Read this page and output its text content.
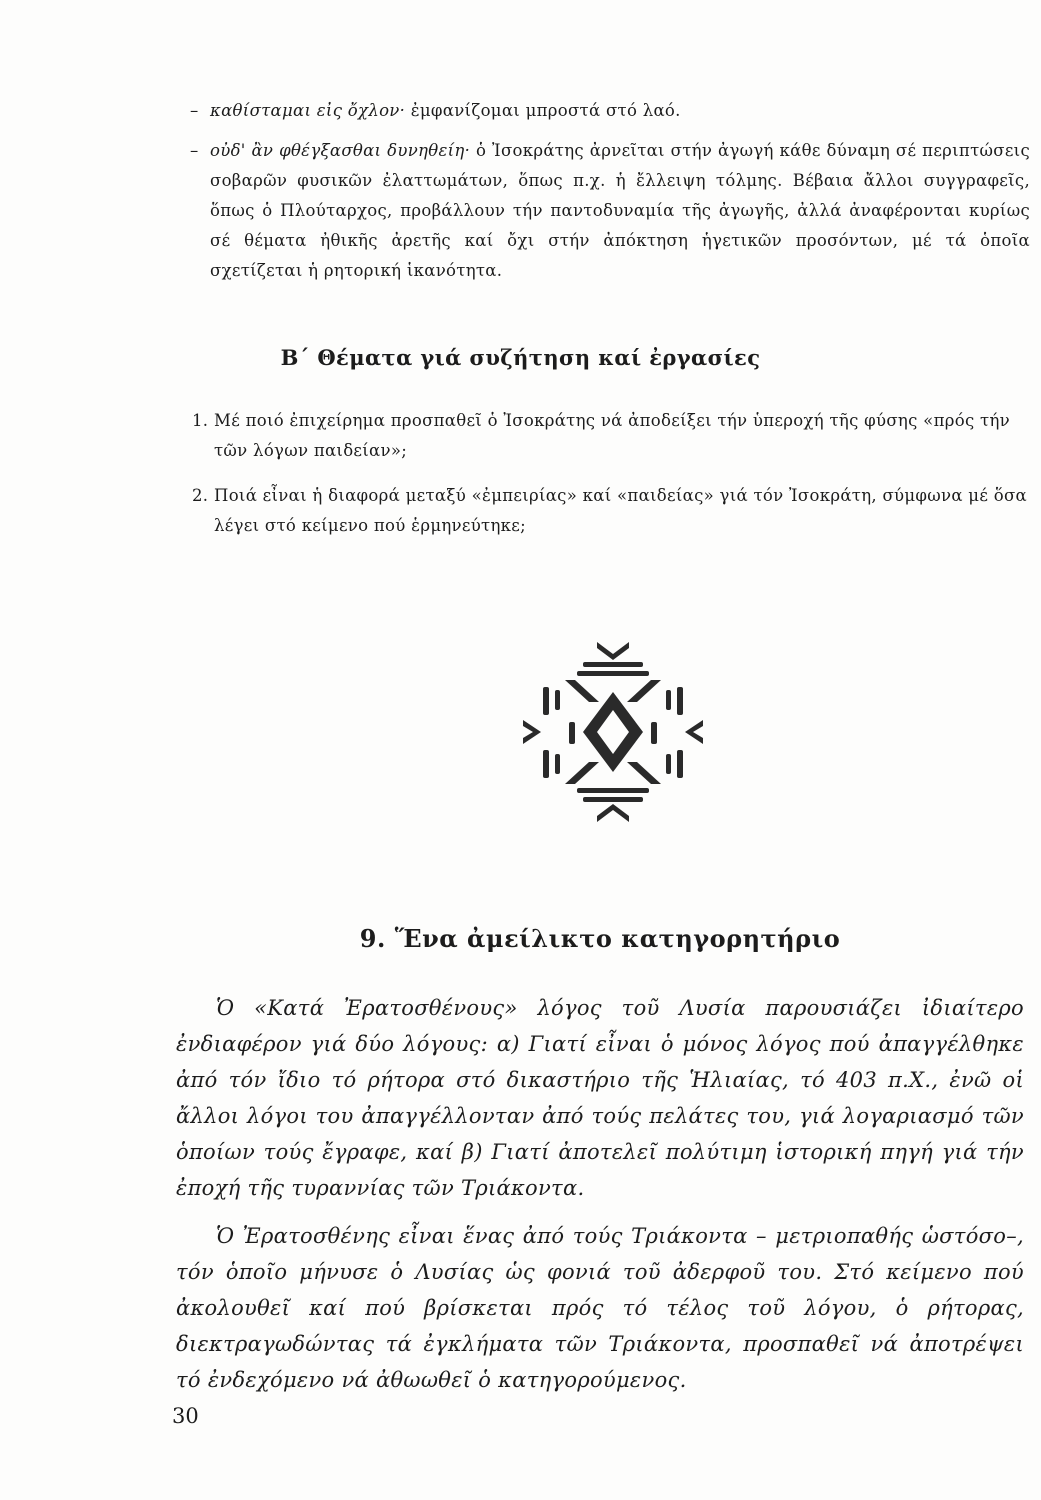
– καθίσταμαι εἰς ὄχλον· ἐμφανίζομαι μπροστά στό λαό.
– οὐδ' ἂν φθέγξασθαι δυνηθείη· ὁ Ἰσοκράτης ἀρνεῖται στήν ἀγωγή κάθε δύναμη σέ περιπτώσεις σοβαρῶν φυσικῶν ἐλαττωμάτων, ὅπως π.χ. ἡ ἔλλειψη τόλμης. Βέβαια ἄλλοι συγγραφεῖς, ὅπως ὁ Πλούταρχος, προβάλλουν τήν παντοδυναμία τῆς ἀγωγῆς, ἀλλά ἀναφέρονται κυρίως σέ θέματα ἠθικῆς ἀρετῆς καί ὄχι στήν ἀπόκτηση ἡγετικῶν προσόντων, μέ τά ὁποῖα σχετίζεται ἡ ρητορική ἱκανότητα.
Β΄ Θέματα γιά συζήτηση καί ἐργασίες
1. Μέ ποιό ἐπιχείρημα προσπαθεῖ ὁ Ἰσοκράτης νά ἀποδείξει τήν ὑπεροχή τῆς φύσης «πρός τήν τῶν λόγων παιδείαν»;
2. Ποιά εἶναι ἡ διαφορά μεταξύ «ἐμπειρίας» καί «παιδείας» γιά τόν Ἰσοκράτη, σύμφωνα μέ ὅσα λέγει στό κείμενο πού ἑρμηνεύτηκε;
9. Ἕνα ἀμείλικτο κατηγορητήριο

Ὁ «Κατά Ἐρατοσθένους» λόγος τοῦ Λυσία παρουσιάζει ἰδιαίτερο ἐνδιαφέρον γιά δύο λόγους: α) Γιατί εἶναι ὁ μόνος λόγος πού ἀπαγγέλθηκε ἀπό τόν ἴδιο τό ρήτορα στό δικαστήριο τῆς Ἡλιαίας, τό 403 π.Χ., ἐνῶ οἱ ἄλλοι λόγοι του ἀπαγγέλλονταν ἀπό τούς πελάτες του, γιά λογαριασμό τῶν ὁποίων τούς ἔγραφε, καί β) Γιατί ἀποτελεῖ πολύτιμη ἱστορική πηγή γιά τήν ἐποχή τῆς τυραννίας τῶν Τριάκοντα.

Ὁ Ἐρατοσθένης εἶναι ἕνας ἀπό τούς Τριάκοντα – μετριοπαθής ὡστόσο–, τόν ὁποῖο μήνυσε ὁ Λυσίας ὡς φονιά τοῦ ἀδερφοῦ του. Στό κείμενο πού ἀκολουθεῖ καί πού βρίσκεται πρός τό τέλος τοῦ λόγου, ὁ ρήτορας, διεκτραγωδώντας τά ἐγκλήματα τῶν Τριάκοντα, προσπαθεῖ νά ἀποτρέψει τό ἐνδεχόμενο νά ἀθωωθεῖ ὁ κατηγορούμενος.

30
